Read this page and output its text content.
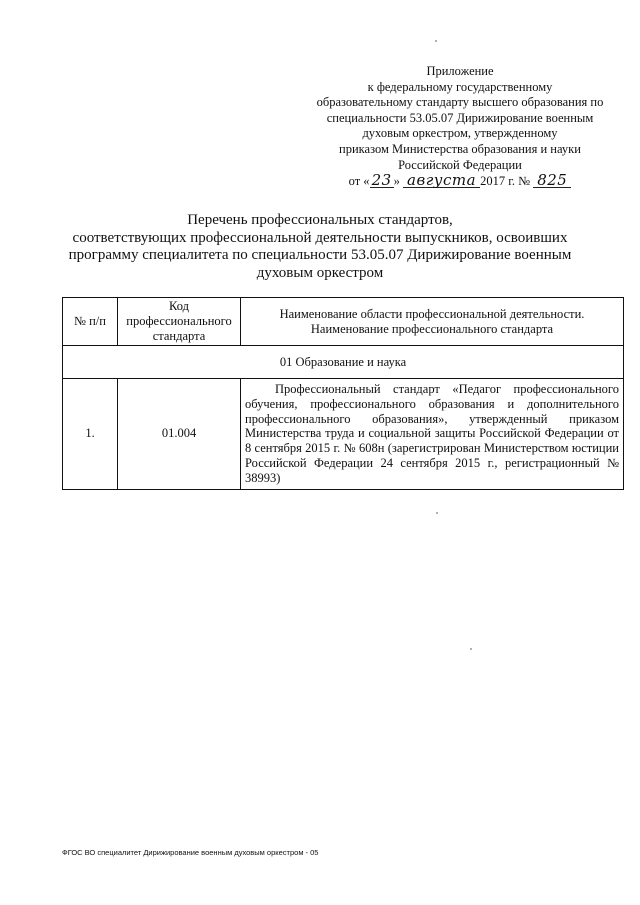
Приложение
к федеральному государственному
образовательному стандарту высшего образования по
специальности 53.05.07 Дирижирование военным
духовым оркестром, утвержденному
приказом Министерства образования и науки
Российской Федерации
от « 23 » августа 2017 г. № 825
Перечень профессиональных стандартов,
соответствующих профессиональной деятельности выпускников, освоивших
программу специалитета по специальности 53.05.07 Дирижирование военным
духовым оркестром
№ п/п	Код профессионального стандарта	Наименование области профессиональной деятельности.
Наименование профессионального стандарта
01 Образование и наука		
1.	01.004	Профессиональный стандарт «Педагог профессионального обучения, профессионального образования и дополнительного профессионального образования», утвержденный приказом Министерства труда и социальной защиты Российской Федерации от 8 сентября 2015 г. № 608н (зарегистрирован Министерством юстиции Российской Федерации 24 сентября 2015 г., регистрационный № 38993)
ФГОС ВО специалитет Дирижирование военным духовым оркестром - 05
